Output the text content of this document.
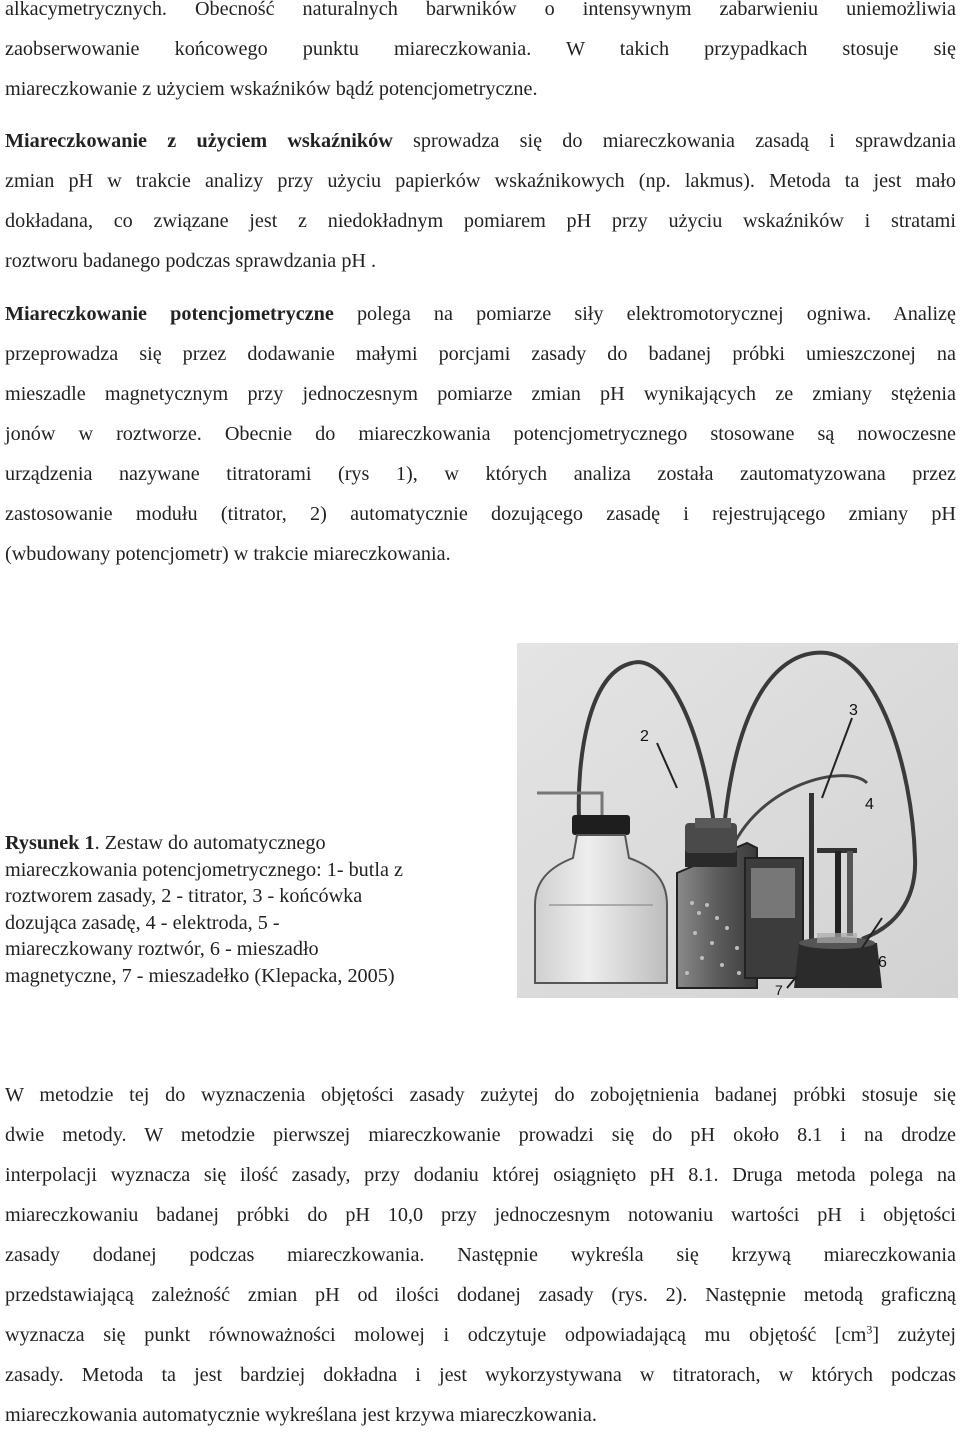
alkacymetrycznych. Obecność naturalnych barwników o intensywnym zabarwieniu uniemożliwia
zaobserwowanie końcowego punktu miareczkowania. W takich przypadkach stosuje się
miareczkowanie z użyciem wskaźników bądź potencjometryczne.
Miareczkowanie z użyciem wskaźników sprowadza się do miareczkowania zasadą i sprawdzania
zmian pH w trakcie analizy przy użyciu papierków wskaźnikowych (np. lakmus). Metoda ta jest mało
dokładana, co związane jest z niedokładnym pomiarem pH przy użyciu wskaźników i stratami
roztworu badanego podczas sprawdzania pH .
Miareczkowanie potencjometryczne polega na pomiarze siły elektromotorycznej ogniwa. Analizę
przeprowadza się przez dodawanie małymi porcjami zasady do badanej próbki umieszczonej na
mieszadle magnetycznym przy jednoczesnym pomiarze zmian pH wynikających ze zmiany stężenia
jonów w roztworze. Obecnie do miareczkowania potencjometrycznego stosowane są nowoczesne
urządzenia nazywane titratorami (rys 1), w których analiza została zautomatyzowana przez
zastosowanie modułu (titrator, 2) automatycznie dozującego zasadę i rejestrującego zmiany pH
(wbudowany potencjometr) w trakcie miareczkowania.
Rysunek 1. Zestaw do automatycznego
miareczkowania potencjometrycznego: 1- butla z
roztworem zasady, 2 - titrator, 3 - końcówka
dozująca zasadę, 4 - elektroda, 5 -
miareczkowany roztwór, 6 - mieszadło
magnetyczne, 7 - mieszadełko (Klepacka, 2005)
2
3
4
6
7
W metodzie tej do wyznaczenia objętości zasady zużytej do zobojętnienia badanej próbki stosuje się
dwie metody. W metodzie pierwszej miareczkowanie prowadzi się do pH około 8.1 i na drodze
interpolacji wyznacza się ilość zasady, przy dodaniu której osiągnięto pH 8.1. Druga metoda polega na
miareczkowaniu badanej próbki do pH 10,0 przy jednoczesnym notowaniu wartości pH i objętości
zasady dodanej podczas miareczkowania. Następnie wykreśla się krzywą miareczkowania
przedstawiającą zależność zmian pH od ilości dodanej zasady (rys. 2). Następnie metodą graficzną
wyznacza się punkt równoważności molowej i odczytuje odpowiadającą mu objętość $[cm^3]$ zużytej
zasady. Metoda ta jest bardziej dokładna i jest wykorzystywana w titratorach, w których podczas
miareczkowania automatycznie wykreślana jest krzywa miareczkowania.
